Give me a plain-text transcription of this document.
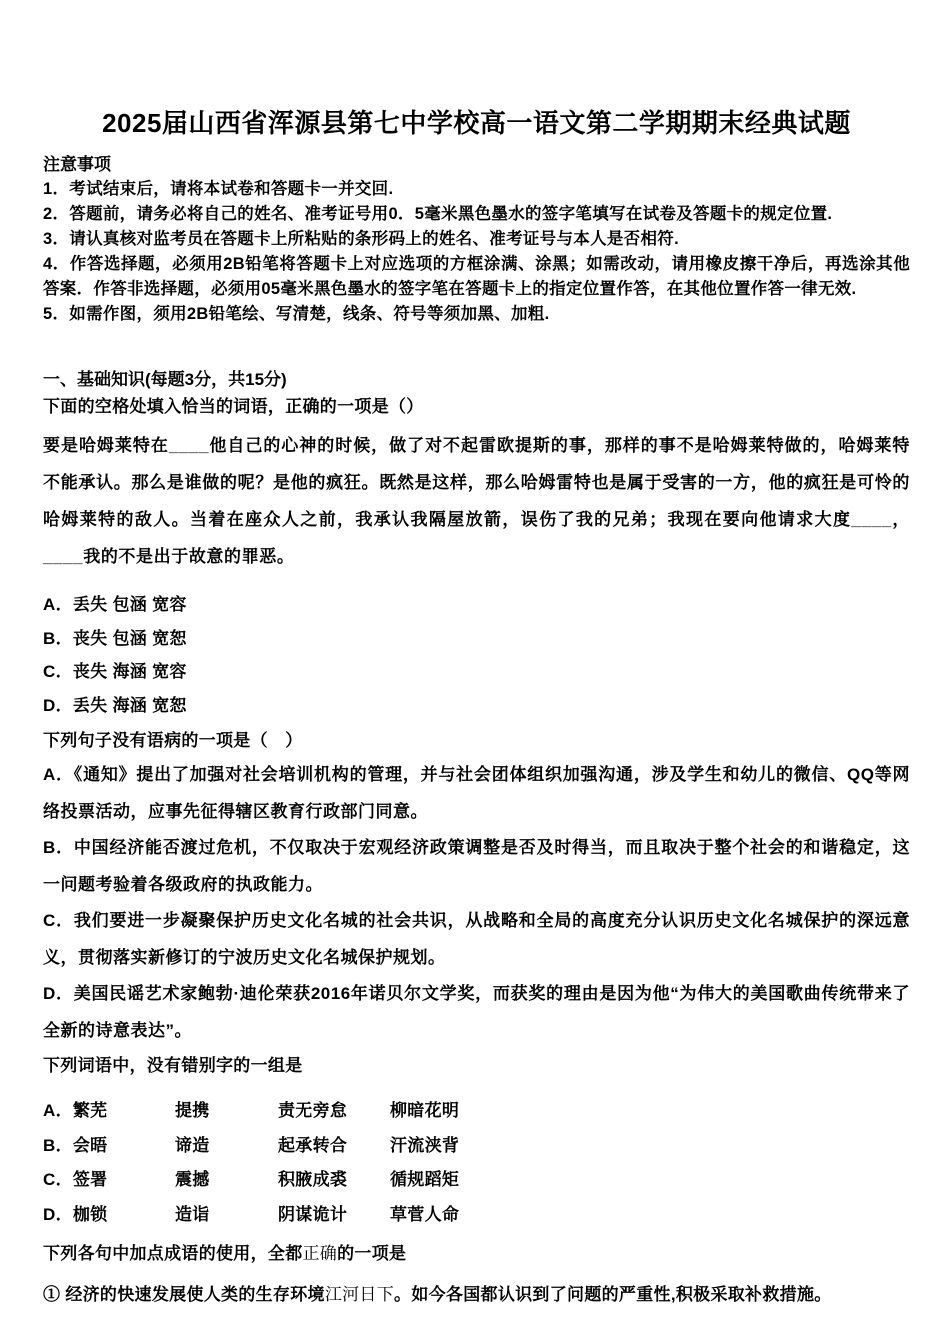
2025届山西省浑源县第七中学校高一语文第二学期期末经典试题
注意事项
1．考试结束后，请将本试卷和答题卡一并交回.
2．答题前，请务必将自己的姓名、准考证号用0．5毫米黑色墨水的签字笔填写在试卷及答题卡的规定位置.
3．请认真核对监考员在答题卡上所粘贴的条形码上的姓名、准考证号与本人是否相符.
4．作答选择题，必须用2B铅笔将答题卡上对应选项的方框涂满、涂黑；如需改动，请用橡皮擦干净后，再选涂其他答案．作答非选择题，必须用05毫米黑色墨水的签字笔在答题卡上的指定位置作答，在其他位置作答一律无效.
5．如需作图，须用2B铅笔绘、写清楚，线条、符号等须加黑、加粗.
一、基础知识(每题3分，共15分)
下面的空格处填入恰当的词语，正确的一项是（）
要是哈姆莱特在____他自己的心神的时候，做了对不起雷欧提斯的事，那样的事不是哈姆莱特做的，哈姆莱特不能承认。那么是谁做的呢？是他的疯狂。既然是这样，那么哈姆雷特也是属于受害的一方，他的疯狂是可怜的哈姆莱特的敌人。当着在座众人之前，我承认我隔屋放箭，误伤了我的兄弟；我现在要向他请求大度____，____我的不是出于故意的罪恶。
A．丢失 包涵 宽容
B．丧失 包涵 宽恕
C．丧失 海涵 宽容
D．丢失 海涵 宽恕
下列句子没有语病的一项是（　）

A．《通知》提出了加强对社会培训机构的管理，并与社会团体组织加强沟通，涉及学生和幼儿的微信、QQ等网络投票活动，应事先征得辖区教育行政部门同意。

B．中国经济能否渡过危机，不仅取决于宏观经济政策调整是否及时得当，而且取决于整个社会的和谐稳定，这一问题考验着各级政府的执政能力。

C．我们要进一步凝聚保护历史文化名城的社会共识，从战略和全局的高度充分认识历史文化名城保护的深远意义，贯彻落实新修订的宁波历史文化名城保护规划。

D．美国民谣艺术家鲍勃·迪伦荣获2016年诺贝尔文学奖，而获奖的理由是因为他“为伟大的美国歌曲传统带来了全新的诗意表达”。

下列词语中，没有错别字的一组是
A．繁芜	提携	责无旁怠	柳暗花明
B．会晤	谛造	起承转合	汗流浃背
C．签署	震撼	积腋成裘	循规蹈矩
D．枷锁	造诣	阴谋诡计	草菅人命
下列各句中加点成语的使用，全都正确的一项是
① 经济的快速发展使人类的生存环境江河日下。如今各国都认识到了问题的严重性,积极采取补救措施。
